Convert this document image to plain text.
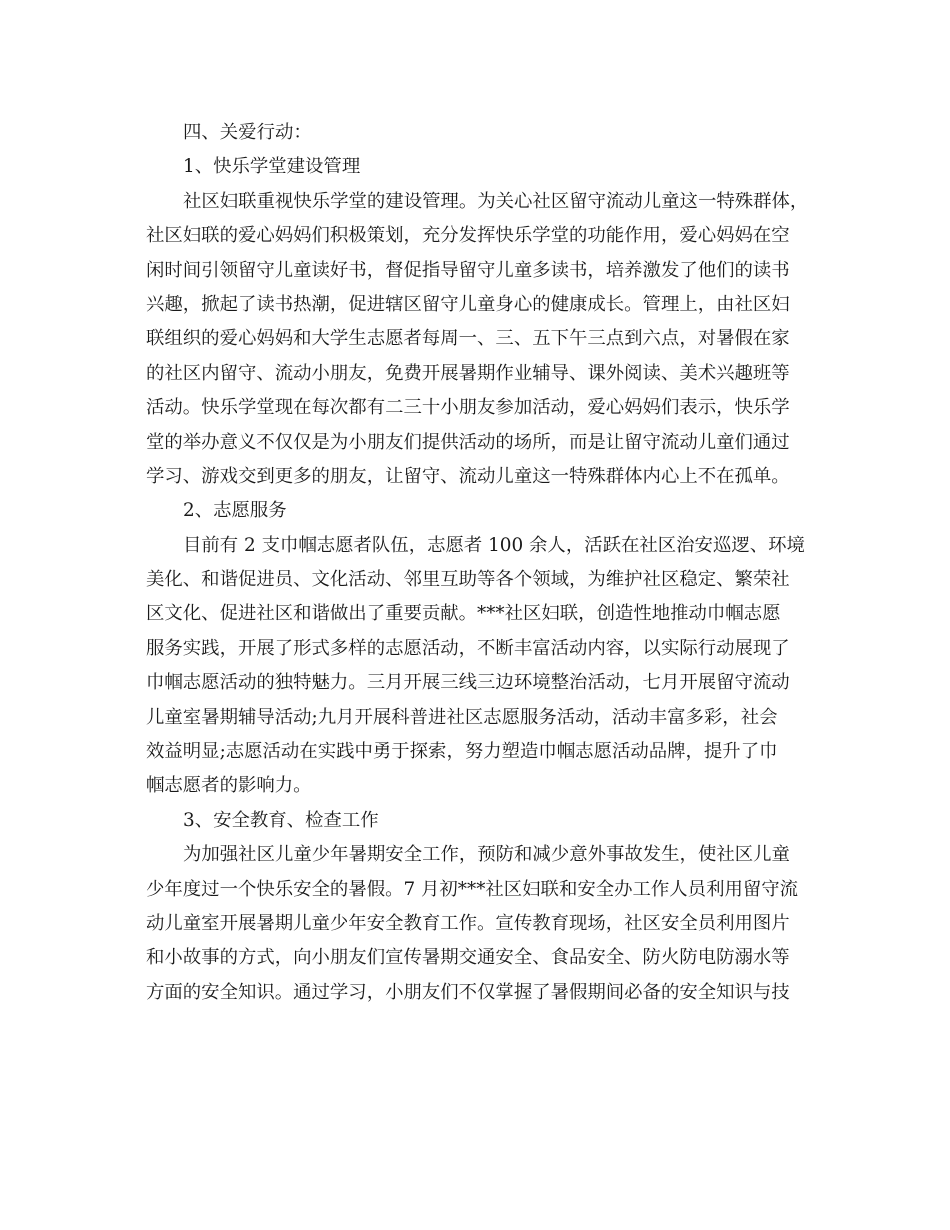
四、关爱行动：

1、快乐学堂建设管理

社区妇联重视快乐学堂的建设管理。为关心社区留守流动儿童这一特殊群体，

社区妇联的爱心妈妈们积极策划，充分发挥快乐学堂的功能作用，爱心妈妈在空

闲时间引领留守儿童读好书，督促指导留守儿童多读书，培养激发了他们的读书

兴趣，掀起了读书热潮，促进辖区留守儿童身心的健康成长。管理上，由社区妇

联组织的爱心妈妈和大学生志愿者每周一、三、五下午三点到六点，对暑假在家

的社区内留守、流动小朋友，免费开展暑期作业辅导、课外阅读、美术兴趣班等

活动。快乐学堂现在每次都有二三十小朋友参加活动，爱心妈妈们表示，快乐学

堂的举办意义不仅仅是为小朋友们提供活动的场所，而是让留守流动儿童们通过

学习、游戏交到更多的朋友，让留守、流动儿童这一特殊群体内心上不在孤单。

2、志愿服务

目前有 2 支巾帼志愿者队伍，志愿者 100 余人，活跃在社区治安巡逻、环境

美化、和谐促进员、文化活动、邻里互助等各个领域，为维护社区稳定、繁荣社

区文化、促进社区和谐做出了重要贡献。***社区妇联，创造性地推动巾帼志愿

服务实践，开展了形式多样的志愿活动，不断丰富活动内容，以实际行动展现了

巾帼志愿活动的独特魅力。三月开展三线三边环境整治活动，七月开展留守流动

儿童室暑期辅导活动;九月开展科普进社区志愿服务活动，活动丰富多彩，社会

效益明显;志愿活动在实践中勇于探索，努力塑造巾帼志愿活动品牌，提升了巾

帼志愿者的影响力。

3、安全教育、检查工作

为加强社区儿童少年暑期安全工作，预防和减少意外事故发生，使社区儿童

少年度过一个快乐安全的暑假。7 月初***社区妇联和安全办工作人员利用留守流

动儿童室开展暑期儿童少年安全教育工作。宣传教育现场，社区安全员利用图片

和小故事的方式，向小朋友们宣传暑期交通安全、食品安全、防火防电防溺水等

方面的安全知识。通过学习，小朋友们不仅掌握了暑假期间必备的安全知识与技
